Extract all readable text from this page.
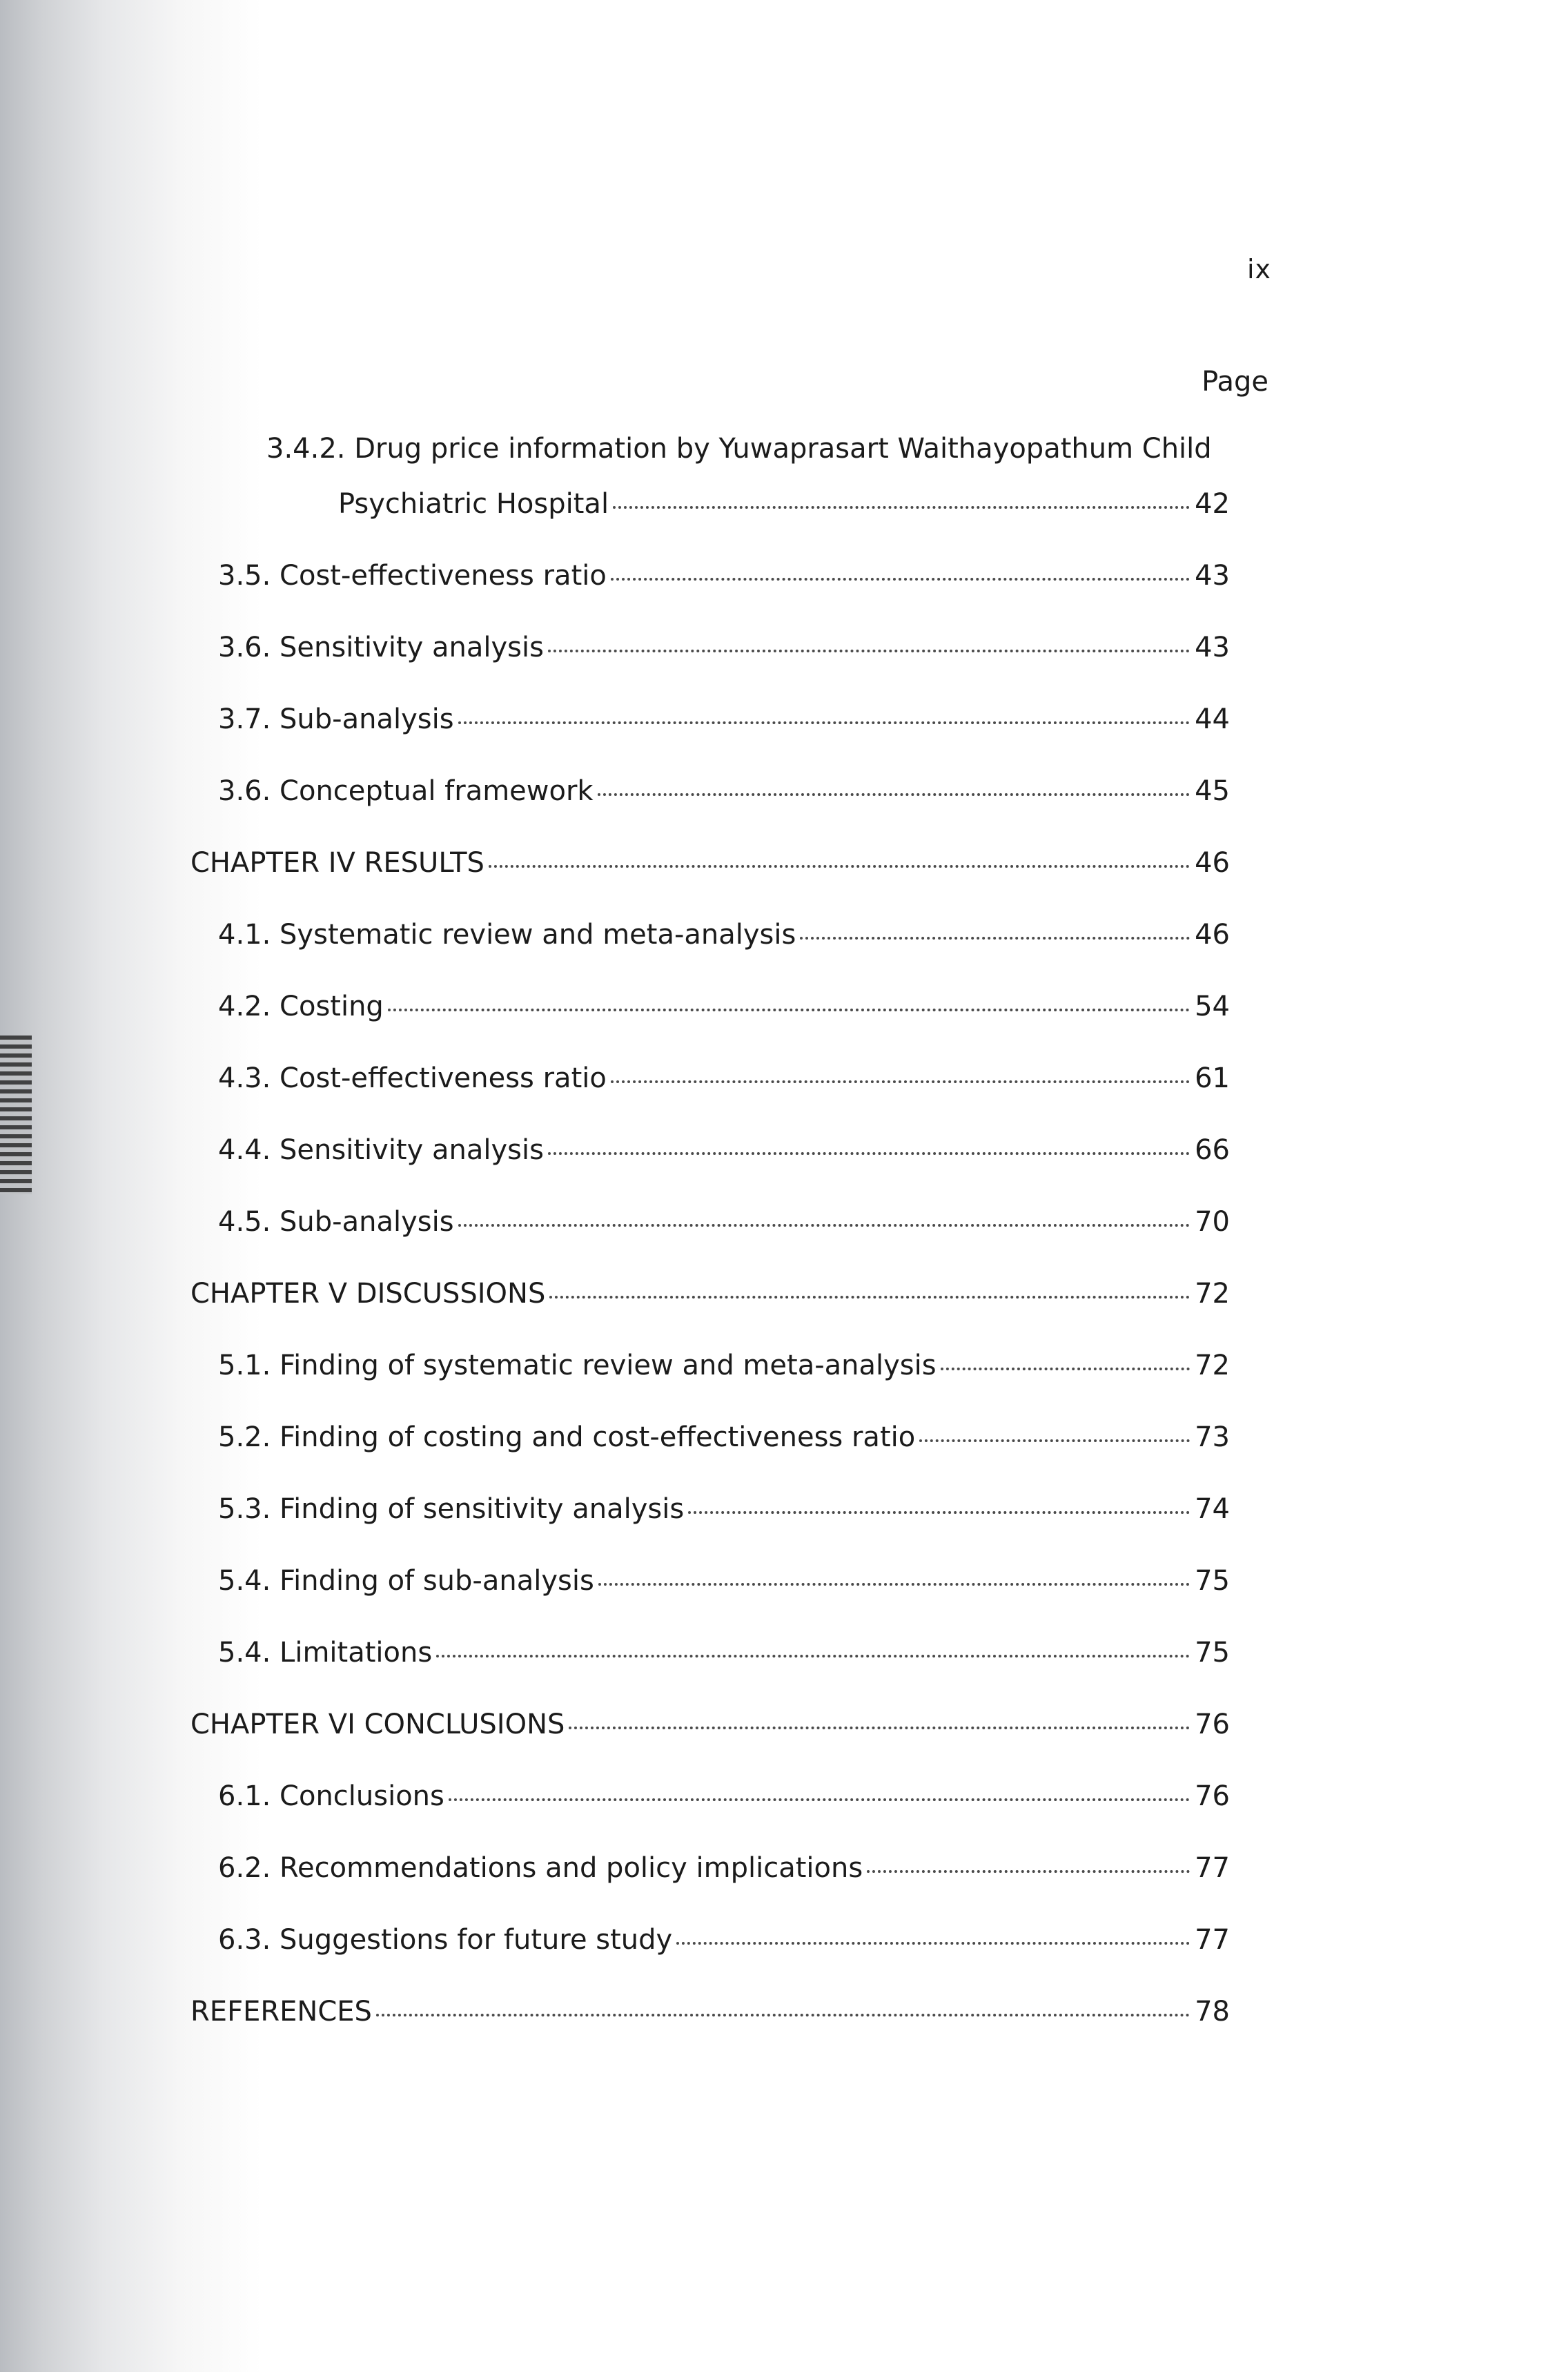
ix
Page
3.4.2. Drug price information by Yuwaprasart Waithayopathum Child
Psychiatric Hospital	42
3.5. Cost-effectiveness ratio	43
3.6. Sensitivity analysis	43
3.7. Sub-analysis	44
3.6. Conceptual framework	45
CHAPTER IV RESULTS	46
4.1. Systematic review and meta-analysis	46
4.2. Costing	54
4.3. Cost-effectiveness ratio	61
4.4. Sensitivity analysis	66
4.5. Sub-analysis	70
CHAPTER V DISCUSSIONS	72
5.1. Finding of systematic review and meta-analysis	72
5.2. Finding of costing and cost-effectiveness ratio	73
5.3. Finding of sensitivity analysis	74
5.4. Finding of sub-analysis	75
5.4. Limitations	75
CHAPTER VI CONCLUSIONS	76
6.1. Conclusions	76
6.2. Recommendations and policy implications	77
6.3. Suggestions for future study	77
REFERENCES	78
